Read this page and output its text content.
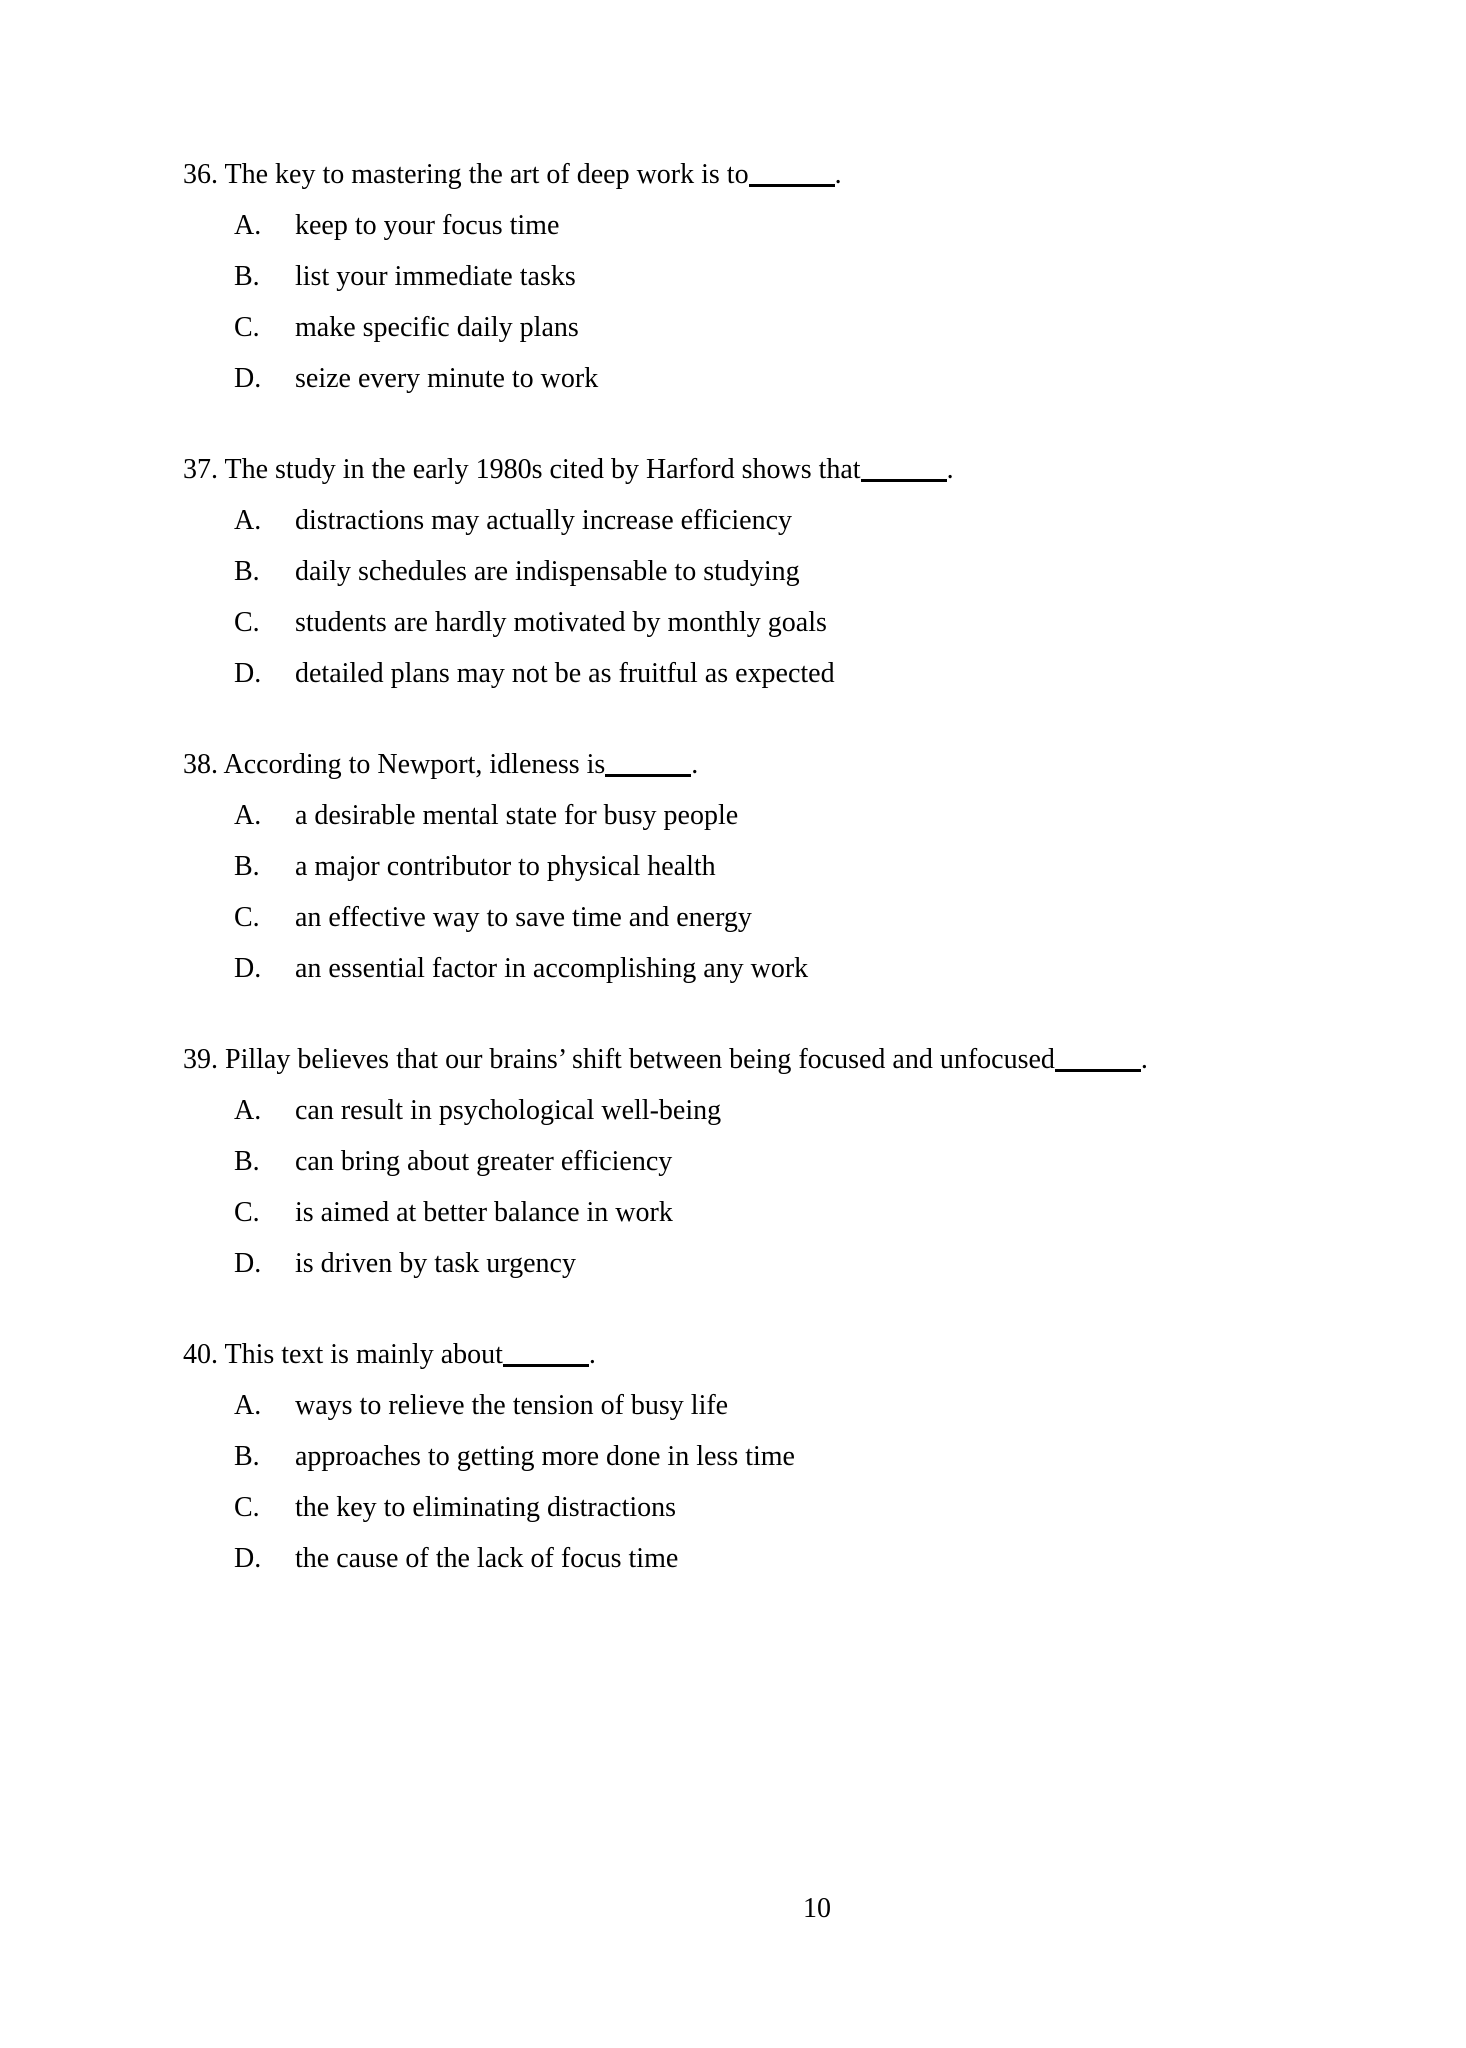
36. The key to mastering the art of deep work is to	.

A.	keep to your focus time

B.	list your immediate tasks

C.	make specific daily plans

D.	seize every minute to work

37. The study in the early 1980s cited by Harford shows that	.

A.	distractions may actually increase efficiency

B.	daily schedules are indispensable to studying

C.	students are hardly motivated by monthly goals

D.	detailed plans may not be as fruitful as expected

38. According to Newport, idleness is	.

A.	a desirable mental state for busy people

B.	a major contributor to physical health

C.	an effective way to save time and energy

D.	an essential factor in accomplishing any work

39. Pillay believes that our brains’ shift between being focused and unfocused	.

A.	can result in psychological well-being

B.	can bring about greater efficiency

C.	is aimed at better balance in work

D.	is driven by task urgency

40. This text is mainly about	.

A.	ways to relieve the tension of busy life

B.	approaches to getting more done in less time

C.	the key to eliminating distractions

D.	the cause of the lack of focus time

10
